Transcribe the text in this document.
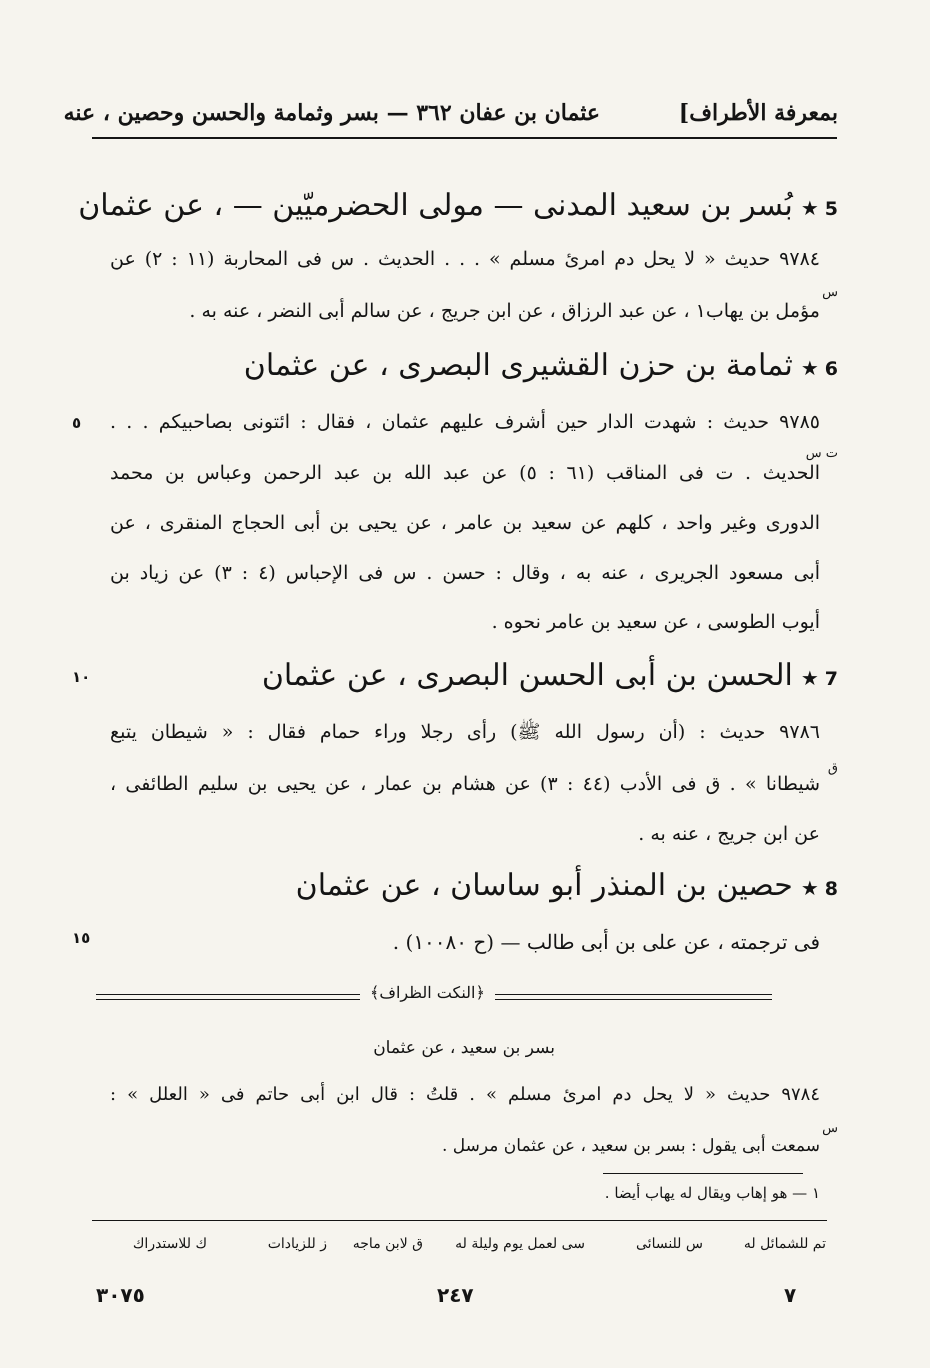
بمعرفة الأطراف]
عثمان بن عفان ٣٦٢ — بسر وثمامة والحسن وحصين ، عنه
5★بُسر بن سعيد المدنى — مولى الحضرميّين — ، عن عثمان
٩٧٨٤ حديث « لا يحل دم امرئ مسلم » . . . الحديث . س فى المحاربة (١١ : ٢) عن
س
مؤمل بن يهاب١ ، عن عبد الرزاق ، عن ابن جريج ، عن سالم أبى النضر ، عنه به .
6★ثمامة بن حزن القشيرى البصرى ، عن عثمان
٩٧٨٥ حديث : شهدت الدار حين أشرف عليهم عثمان ، فقال : ائتونى بصاحبيكم . . .
٥
ت س
الحديث . ت فى المناقب (٦١ : ٥) عن عبد الله بن عبد الرحمن وعباس بن محمد
الدورى وغير واحد ، كلهم عن سعيد بن عامر ، عن يحيى بن أبى الحجاج المنقرى ، عن
أبى مسعود الجريرى ، عنه به ، وقال : حسن . س فى الإحباس (٤ : ٣) عن زياد بن
أيوب الطوسى ، عن سعيد بن عامر نحوه .
7★الحسن بن أبى الحسن البصرى ، عن عثمان
١٠
٩٧٨٦ حديث : (أن رسول الله ﷺ) رأى رجلا وراء حمام فقال : « شيطان يتبع
ق
شيطانا » . ق فى الأدب (٤٤ : ٣) عن هشام بن عمار ، عن يحيى بن سليم الطائفى ،
عن ابن جريج ، عنه به .
8★حصين بن المنذر أبو ساسان ، عن عثمان
فى ترجمته ، عن على بن أبى طالب — (ح ١٠٠٨٠) .
١٥
﴿النكت الظراف﴾
بسر بن سعيد ، عن عثمان
٩٧٨٤ حديث « لا يحل دم امرئ مسلم » . قلتُ : قال ابن أبى حاتم فى « العلل » :
س
سمعت أبى يقول : بسر بن سعيد ، عن عثمان مرسل .
١ — هو إهاب ويقال له يهاب أيضا .
تم للشمائل له
س للنسائى
سى لعمل يوم وليلة له
ق لابن ماجه
ز للزيادات
ك للاستدراك
٧
٢٤٧
٣٠٧٥
